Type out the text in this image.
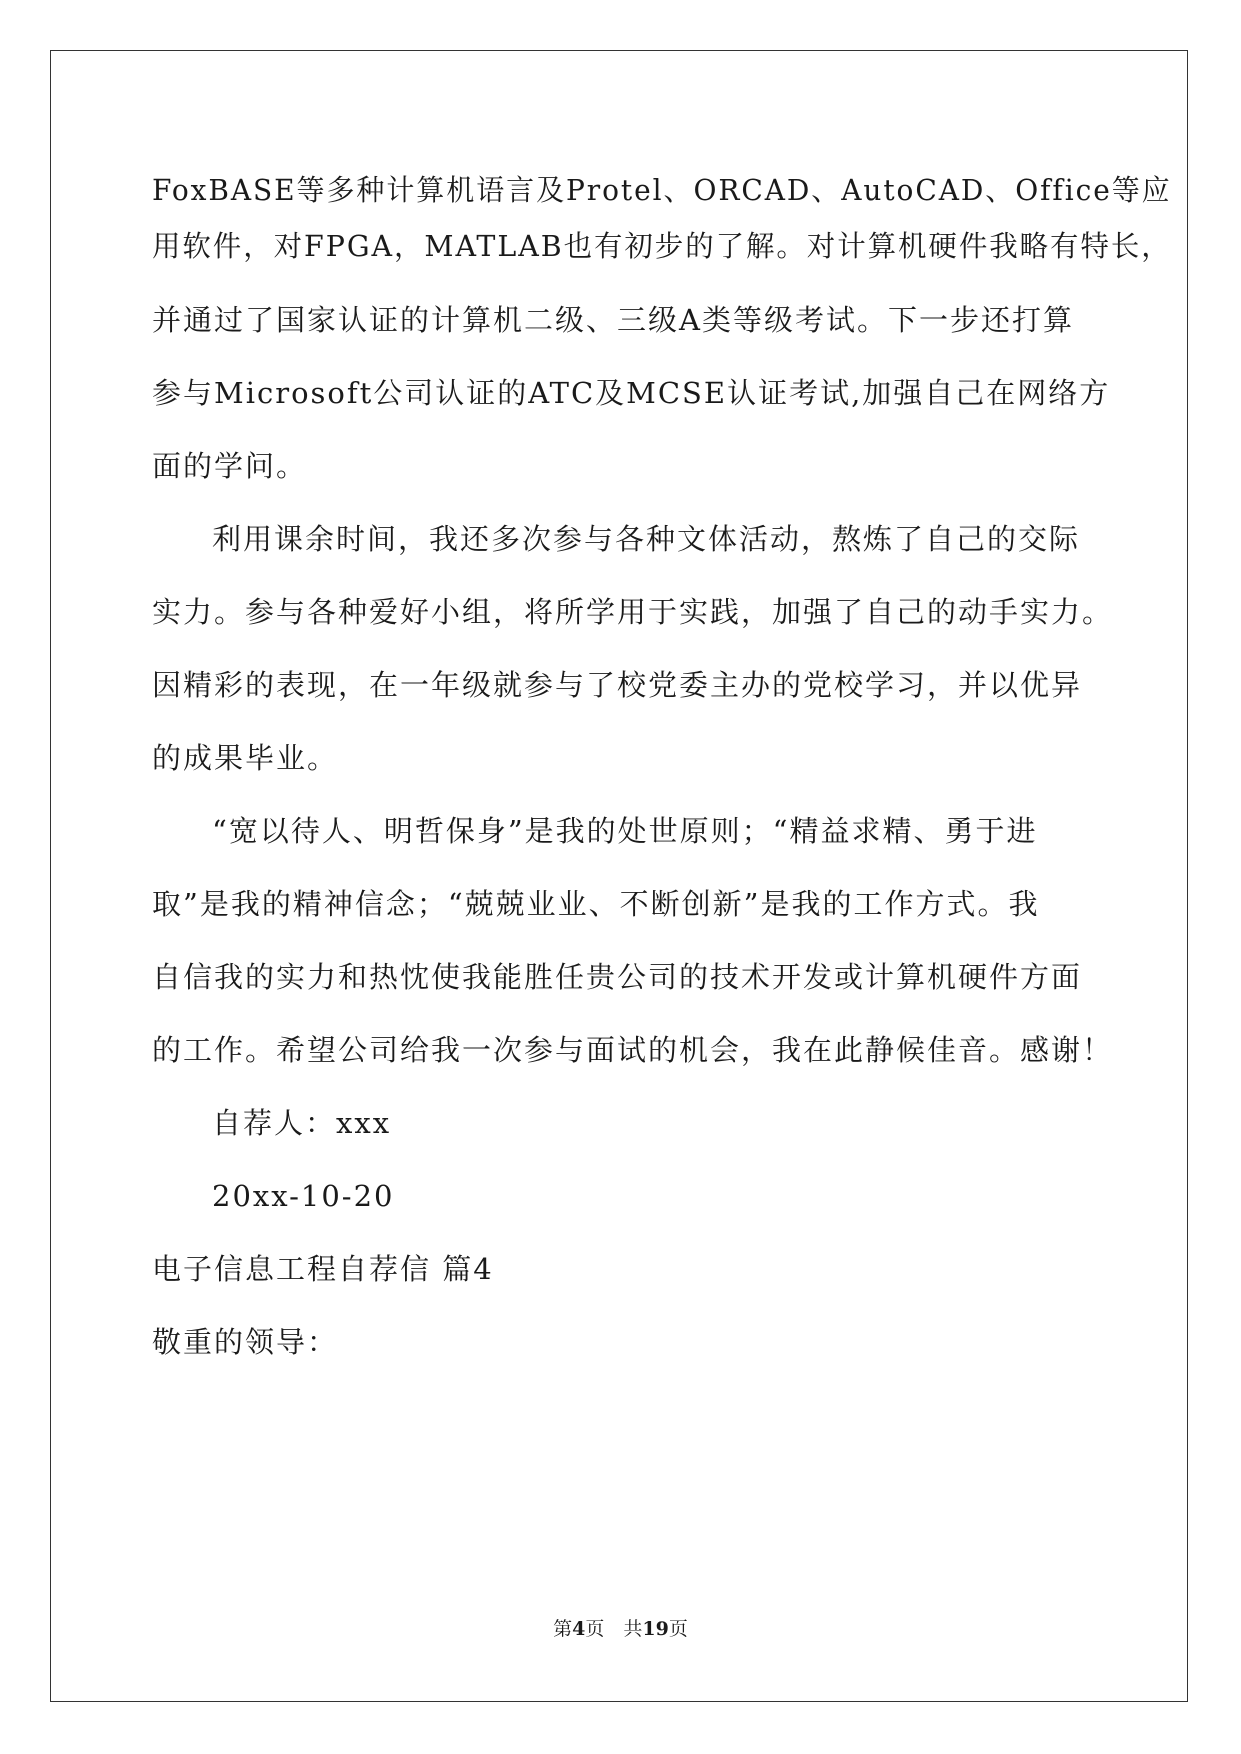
FoxBASE等多种计算机语言及Protel、ORCAD、AutoCAD、Office等应
用软件，对FPGA，MATLAB也有初步的了解。对计算机硬件我略有特长，
并通过了国家认证的计算机二级、三级A类等级考试。下一步还打算
参与Microsoft公司认证的ATC及MCSE认证考试,加强自己在网络方
面的学问。
利用课余时间，我还多次参与各种文体活动，熬炼了自己的交际
实力。参与各种爱好小组，将所学用于实践，加强了自己的动手实力。
因精彩的表现，在一年级就参与了校党委主办的党校学习，并以优异
的成果毕业。
“宽以待人、明哲保身”是我的处世原则；“精益求精、勇于进
取”是我的精神信念；“兢兢业业、不断创新”是我的工作方式。我
自信我的实力和热忱使我能胜任贵公司的技术开发或计算机硬件方面
的工作。希望公司给我一次参与面试的机会，我在此静候佳音。感谢！
自荐人：xxx
20xx-10-20
电子信息工程自荐信 篇4
敬重的领导：
第4页　共19页
